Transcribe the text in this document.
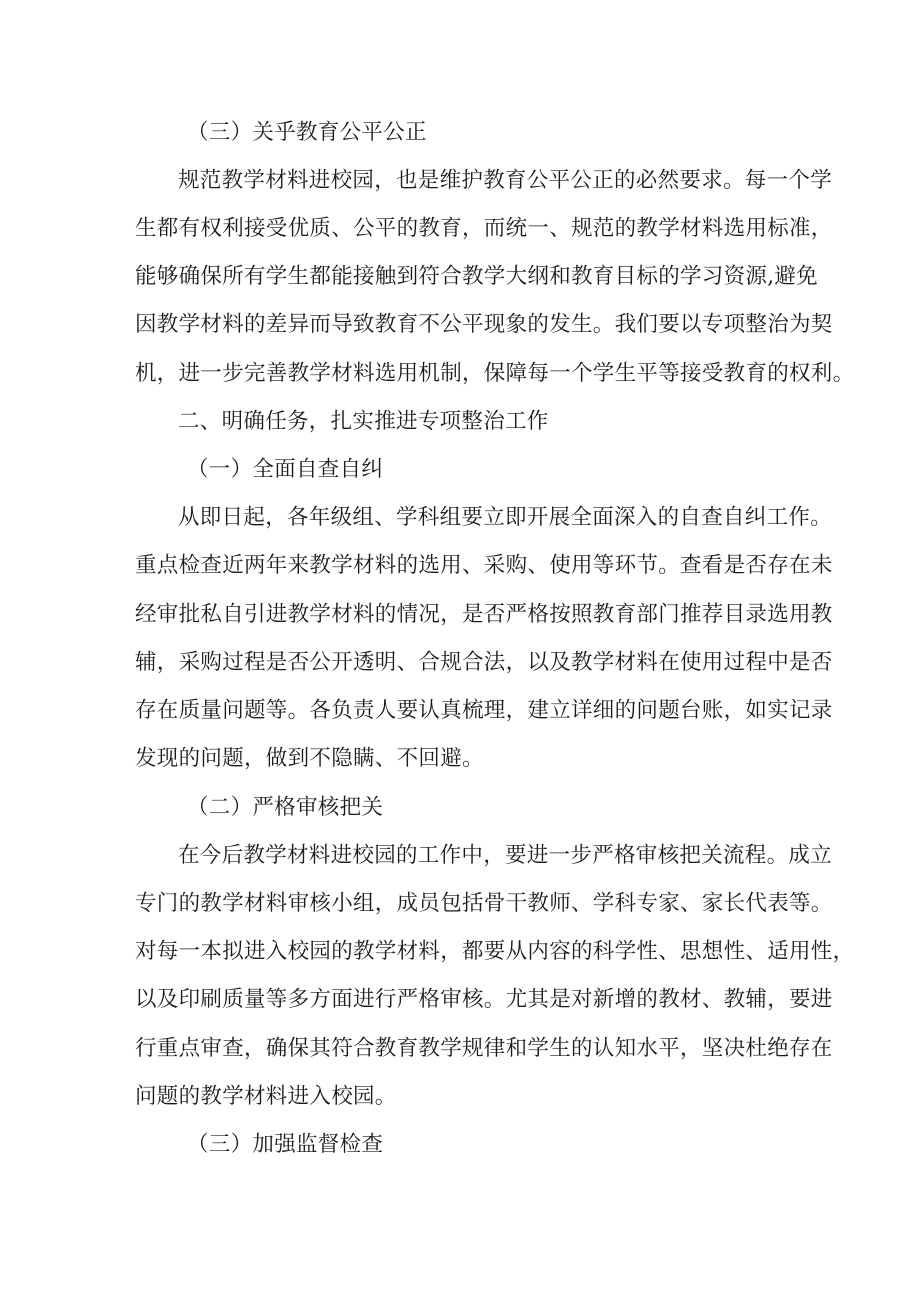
（三）关乎教育公平公正

规范教学材料进校园，也是维护教育公平公正的必然要求。每一个学

生都有权利接受优质、公平的教育，而统一、规范的教学材料选用标准，

能够确保所有学生都能接触到符合教学大纲和教育目标的学习资源,避免

因教学材料的差异而导致教育不公平现象的发生。我们要以专项整治为契

机，进一步完善教学材料选用机制，保障每一个学生平等接受教育的权利。

二、明确任务，扎实推进专项整治工作

（一）全面自查自纠

从即日起，各年级组、学科组要立即开展全面深入的自查自纠工作。

重点检查近两年来教学材料的选用、采购、使用等环节。查看是否存在未

经审批私自引进教学材料的情况，是否严格按照教育部门推荐目录选用教

辅，采购过程是否公开透明、合规合法，以及教学材料在使用过程中是否

存在质量问题等。各负责人要认真梳理，建立详细的问题台账，如实记录

发现的问题，做到不隐瞒、不回避。

（二）严格审核把关

在今后教学材料进校园的工作中，要进一步严格审核把关流程。成立

专门的教学材料审核小组，成员包括骨干教师、学科专家、家长代表等。

对每一本拟进入校园的教学材料，都要从内容的科学性、思想性、适用性，

以及印刷质量等多方面进行严格审核。尤其是对新增的教材、教辅，要进

行重点审查，确保其符合教育教学规律和学生的认知水平，坚决杜绝存在

问题的教学材料进入校园。

（三）加强监督检查
